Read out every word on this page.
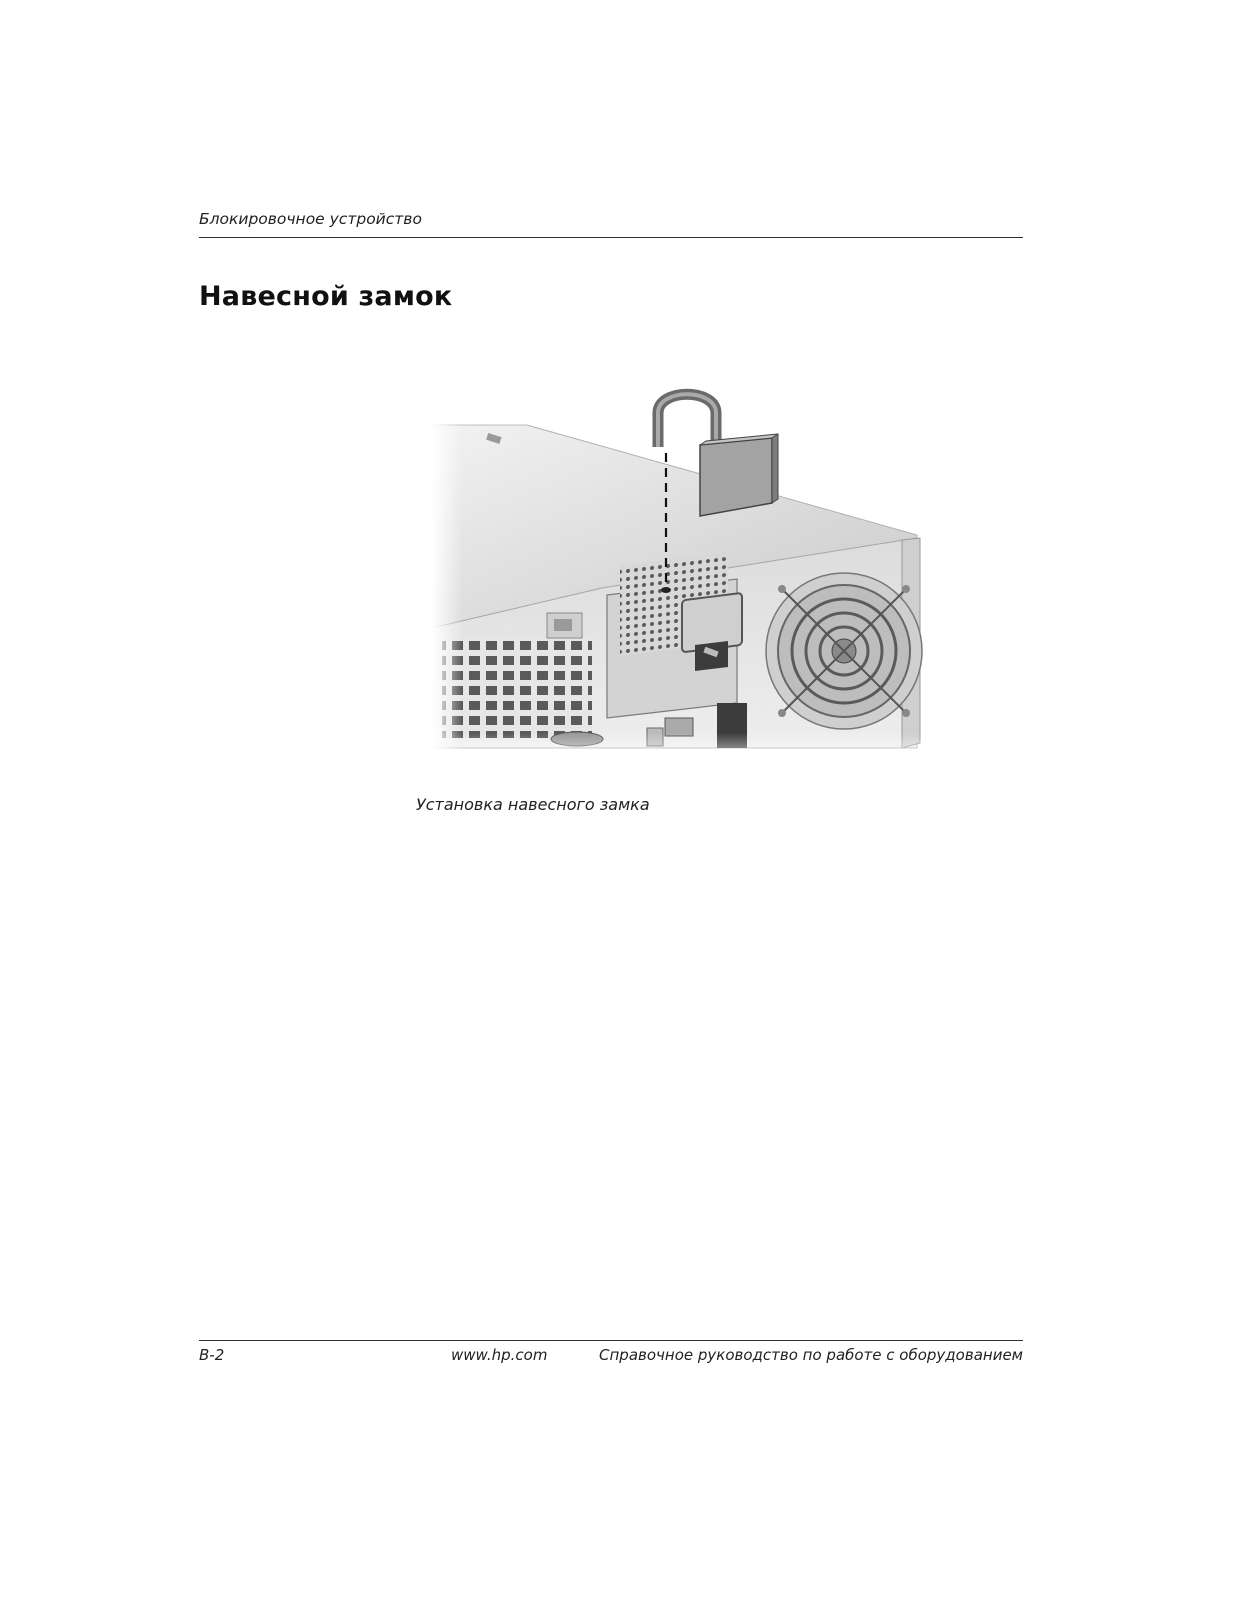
Блокировочное устройство
Навесной замок
Установка навесного замка
В-2	www.hp.com	Справочное руководство по работе с оборудованием
